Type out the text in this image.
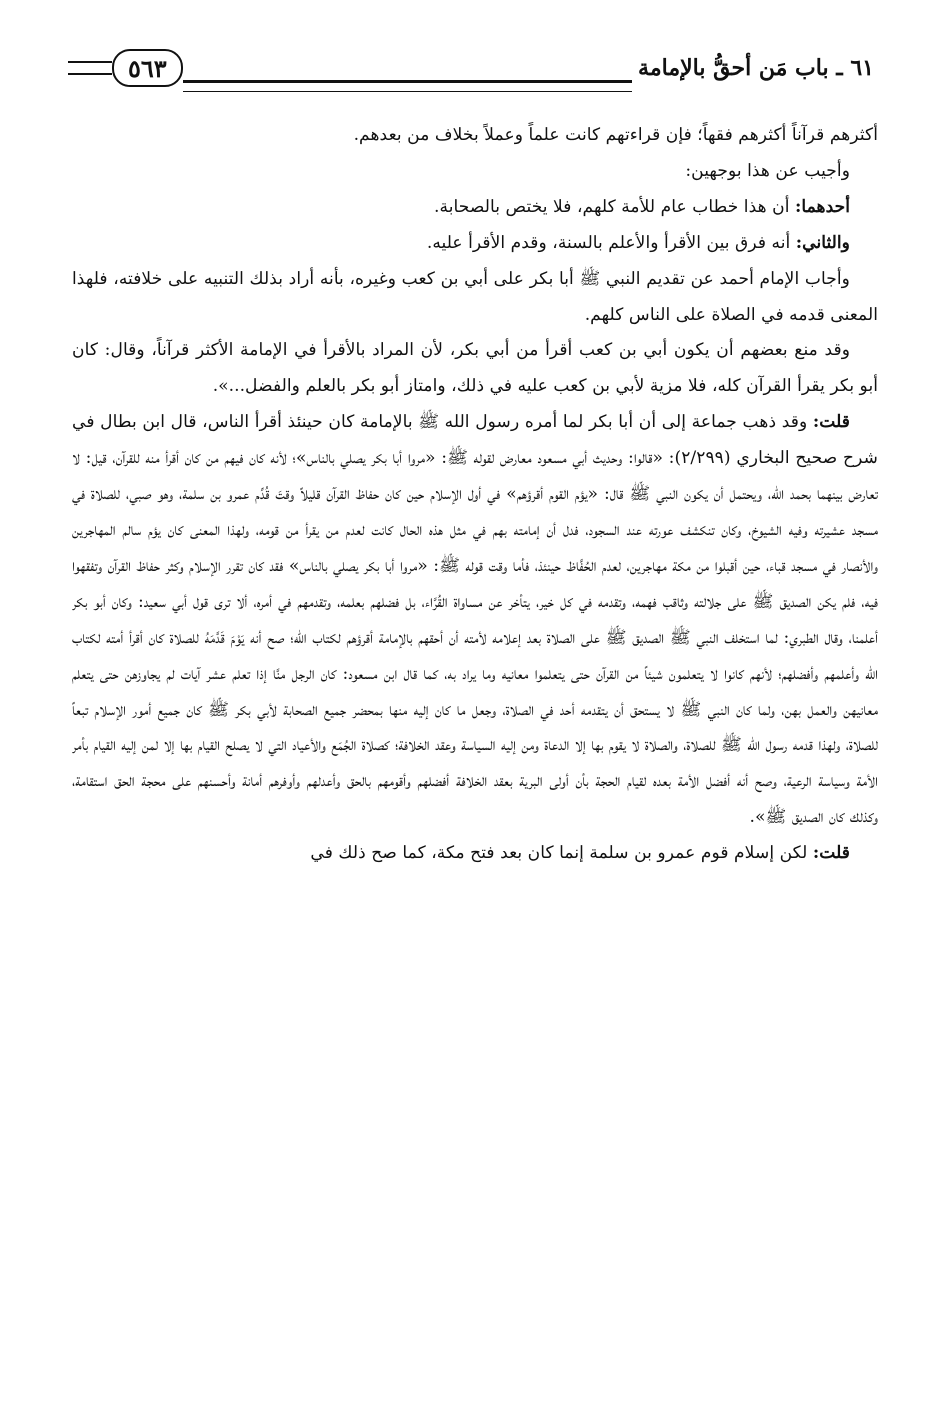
٦١ ـ باب مَن أحقُّ بالإمامة
٥٦٣

أكثرهم قرآناً أكثرهم فقهاً؛ فإن قراءتهم كانت علماً وعملاً بخلاف من بعدهم.

وأجيب عن هذا بوجهين:

أحدهما: أن هذا خطاب عام للأمة كلهم، فلا يختص بالصحابة.

والثاني: أنه فرق بين الأقرأ والأعلم بالسنة، وقدم الأقرأ عليه.

وأجاب الإمام أحمد عن تقديم النبي ﷺ أبا بكر على أبي بن كعب وغيره، بأنه أراد بذلك التنبيه على خلافته، فلهذا المعنى قدمه في الصلاة على الناس كلهم.

وقد منع بعضهم أن يكون أبي بن كعب أقرأ من أبي بكر، لأن المراد بالأقرأ في الإمامة الأكثر قرآناً، وقال: كان أبو بكر يقرأ القرآن كله، فلا مزية لأبي بن كعب عليه في ذلك، وامتاز أبو بكر بالعلم والفضل...».

قلت: وقد ذهب جماعة إلى أن أبا بكر لما أمره رسول الله ﷺ بالإمامة كان حينئذ أقرأ الناس، قال ابن بطال في شرح صحيح البخاري (٢/٢٩٩): «قالوا: وحديث أبي مسعود معارض لقوله ﷺ: «مروا أبا بكر يصلي بالناس»؛ لأنه كان فيهم من كان أقرأ منه للقرآن، قيل: لا تعارض بينهما بحمد الله، ويحتمل أن يكون النبي ﷺ قال: «يؤم القوم أقرؤهم» في أول الإسلام حين كان حفاظ القرآن قليلاً وقتَ قُدِّم عمرو بن سلمة، وهو صبي، للصلاة في مسجد عشيرته وفيه الشيوخ، وكان تنكشف عورته عند السجود، فدل أن إمامته بهم في مثل هذه الحال كانت لعدم من يقرأ من قومه، ولهذا المعنى كان يؤم سالم المهاجرين والأنصار في مسجد قباء، حين أقبلوا من مكة مهاجرين، لعدم الحُفَّاظ حينئذ، فأما وقت قوله ﷺ: «مروا أبا بكر يصلي بالناس» فقد كان تقرر الإسلام وكثر حفاظ القرآن وتفقهوا فيه، فلم يكن الصديق ﷺ على جلالته وثاقب فهمه، وتقدمه في كل خير، يتأخر عن مساواة القُرَّاء، بل فضلهم بعلمه، وتقدمهم في أمره، ألا ترى قول أبي سعيد: وكان أبو بكر أعلمنا، وقال الطبري: لما استخلف النبي ﷺ الصديق ﷺ على الصلاة بعد إعلامه لأمته أن أحقهم بالإمامة أقرؤهم لكتاب الله؛ صح أنه يَوْمَ قَدَّمَهُ للصلاة كان أقرأ أمته لكتاب الله وأعلمهم وأفضلهم؛ لأنهم كانوا لا يتعلمون شيئاً من القرآن حتى يتعلموا معانيه وما يراد به، كما قال ابن مسعود: كان الرجل منَّا إذا تعلم عشر آيات لم يجاوزهن حتى يتعلم معانيهن والعمل بهن، ولما كان النبي ﷺ لا يستحق أن يتقدمه أحد في الصلاة، وجعل ما كان إليه منها بمحضر جميع الصحابة لأبي بكر ﷺ كان جميع أمور الإسلام تبعاً للصلاة، ولهذا قدمه رسول الله ﷺ للصلاة، والصلاة لا يقوم بها إلا الدعاة ومن إليه السياسة وعقد الخلافة؛ كصلاة الجُمَع والأعياد التي لا يصلح القيام بها إلا لمن إليه القيام بأمر الأمة وسياسة الرعية، وصح أنه أفضل الأمة بعده لقيام الحجة بأن أولى البرية بعقد الخلافة أفضلهم وأقومهم بالحق وأعدلهم وأوفرهم أمانة وأحسنهم على محجة الحق استقامة، وكذلك كان الصديق ﷺ».

قلت: لكن إسلام قوم عمرو بن سلمة إنما كان بعد فتح مكة، كما صح ذلك في
